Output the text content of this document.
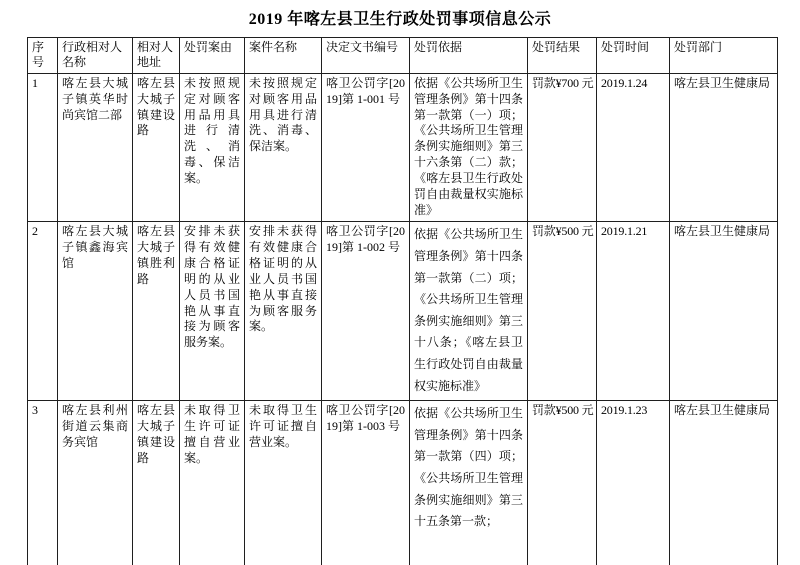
2019 年喀左县卫生行政处罚事项信息公示
序号	行政相对人名称	相对人地址	处罚案由	案件名称	决定文书编号	处罚依据	处罚结果	处罚时间	处罚部门
1	喀左县大城子镇英华时尚宾馆二部	喀左县大城子镇建设路	未按照规定对顾客用品用具进行清洗、消毒、保洁案。	未按照规定对顾客用品用具进行清洗、消毒、保洁案。	喀卫公罚字[2019]第 1-001 号	依据《公共场所卫生管理条例》第十四条第一款第（一）项；《公共场所卫生管理条例实施细则》第三十六条第（二）款；《喀左县卫生行政处罚自由裁量权实施标准》	罚款¥700 元	2019.1.24	喀左县卫生健康局
2	喀左县大城子镇鑫海宾馆	喀左县大城子镇胜利路	安排未获得有效健康合格证明的从业人员书国艳从事直接为顾客服务案。	安排未获得有效健康合格证明的从业人员书国艳从事直接为顾客服务案。	喀卫公罚字[2019]第 1-002 号	依据《公共场所卫生管理条例》第十四条第一款第（二）项；《公共场所卫生管理条例实施细则》第三十八条；《喀左县卫生行政处罚自由裁量权实施标准》	罚款¥500 元	2019.1.21	喀左县卫生健康局
3	喀左县利州街道云集商务宾馆	喀左县大城子镇建设路	未取得卫生许可证擅自营业案。	未取得卫生许可证擅自营业案。	喀卫公罚字[2019]第 1-003 号	依据《公共场所卫生管理条例》第十四条第一款第（四）项；《公共场所卫生管理条例实施细则》第三十五条第一款；	罚款¥500 元	2019.1.23	喀左县卫生健康局
